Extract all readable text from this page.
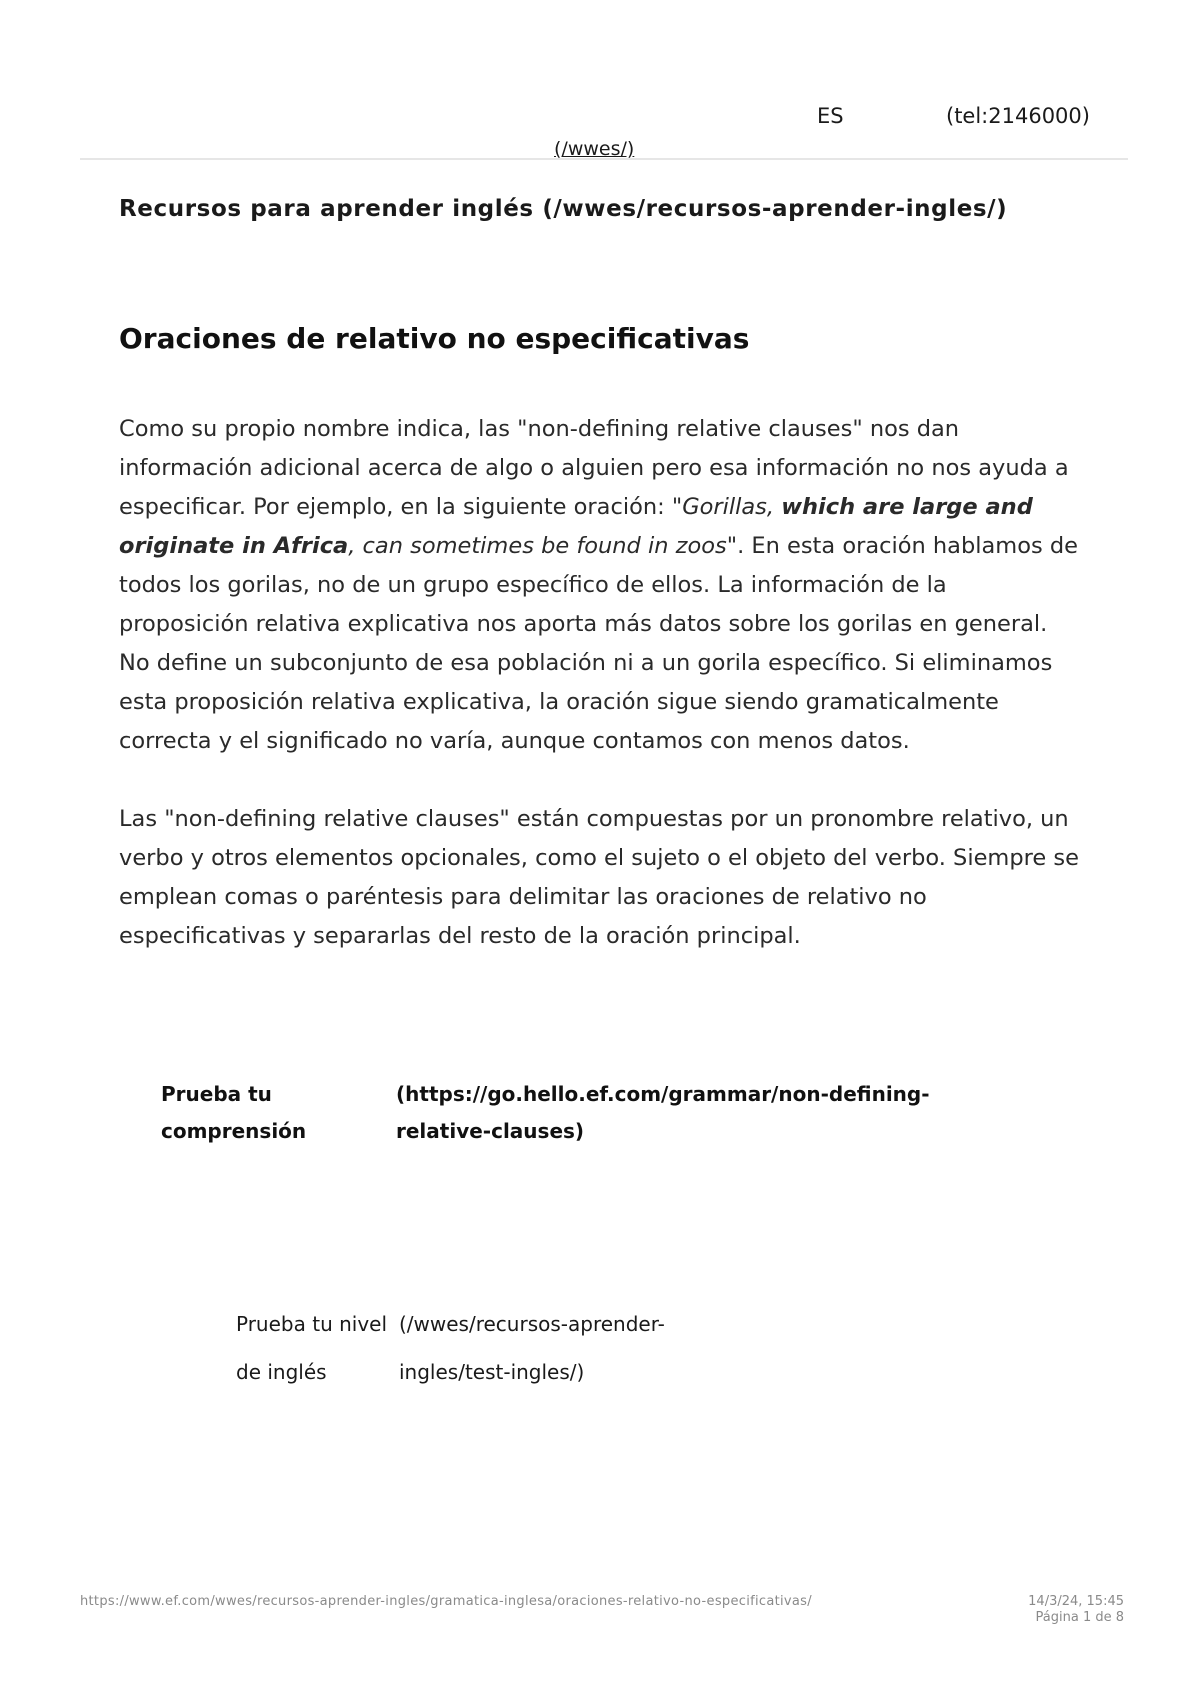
ES	(tel:2146000)
(/wwes/)
Recursos para aprender inglés (/wwes/recursos-aprender-ingles/)
Oraciones de relativo no especificativas

Como su propio nombre indica, las "non-defining relative clauses" nos dan información adicional acerca de algo o alguien pero esa información no nos ayuda a especificar. Por ejemplo, en la siguiente oración: "Gorillas, which are large and originate in Africa, can sometimes be found in zoos". En esta oración hablamos de todos los gorilas, no de un grupo específico de ellos. La información de la proposición relativa explicativa nos aporta más datos sobre los gorilas en general. No define un subconjunto de esa población ni a un gorila específico. Si eliminamos esta proposición relativa explicativa, la oración sigue siendo gramaticalmente correcta y el significado no varía, aunque contamos con menos datos.

Las "non-defining relative clauses" están compuestas por un pronombre relativo, un verbo y otros elementos opcionales, como el sujeto o el objeto del verbo. Siempre se emplean comas o paréntesis para delimitar las oraciones de relativo no especificativas y separarlas del resto de la oración principal.

Prueba tu comprensión
(https://go.hello.ef.com/grammar/non-defining-relative-clauses)
Prueba tu nivel de inglés
(/wwes/recursos-aprender-ingles/test-ingles/)
https://www.ef.com/wwes/recursos-aprender-ingles/gramatica-inglesa/oraciones-relativo-no-especificativas/	14/3/24, 15:45
Página 1 de 8
